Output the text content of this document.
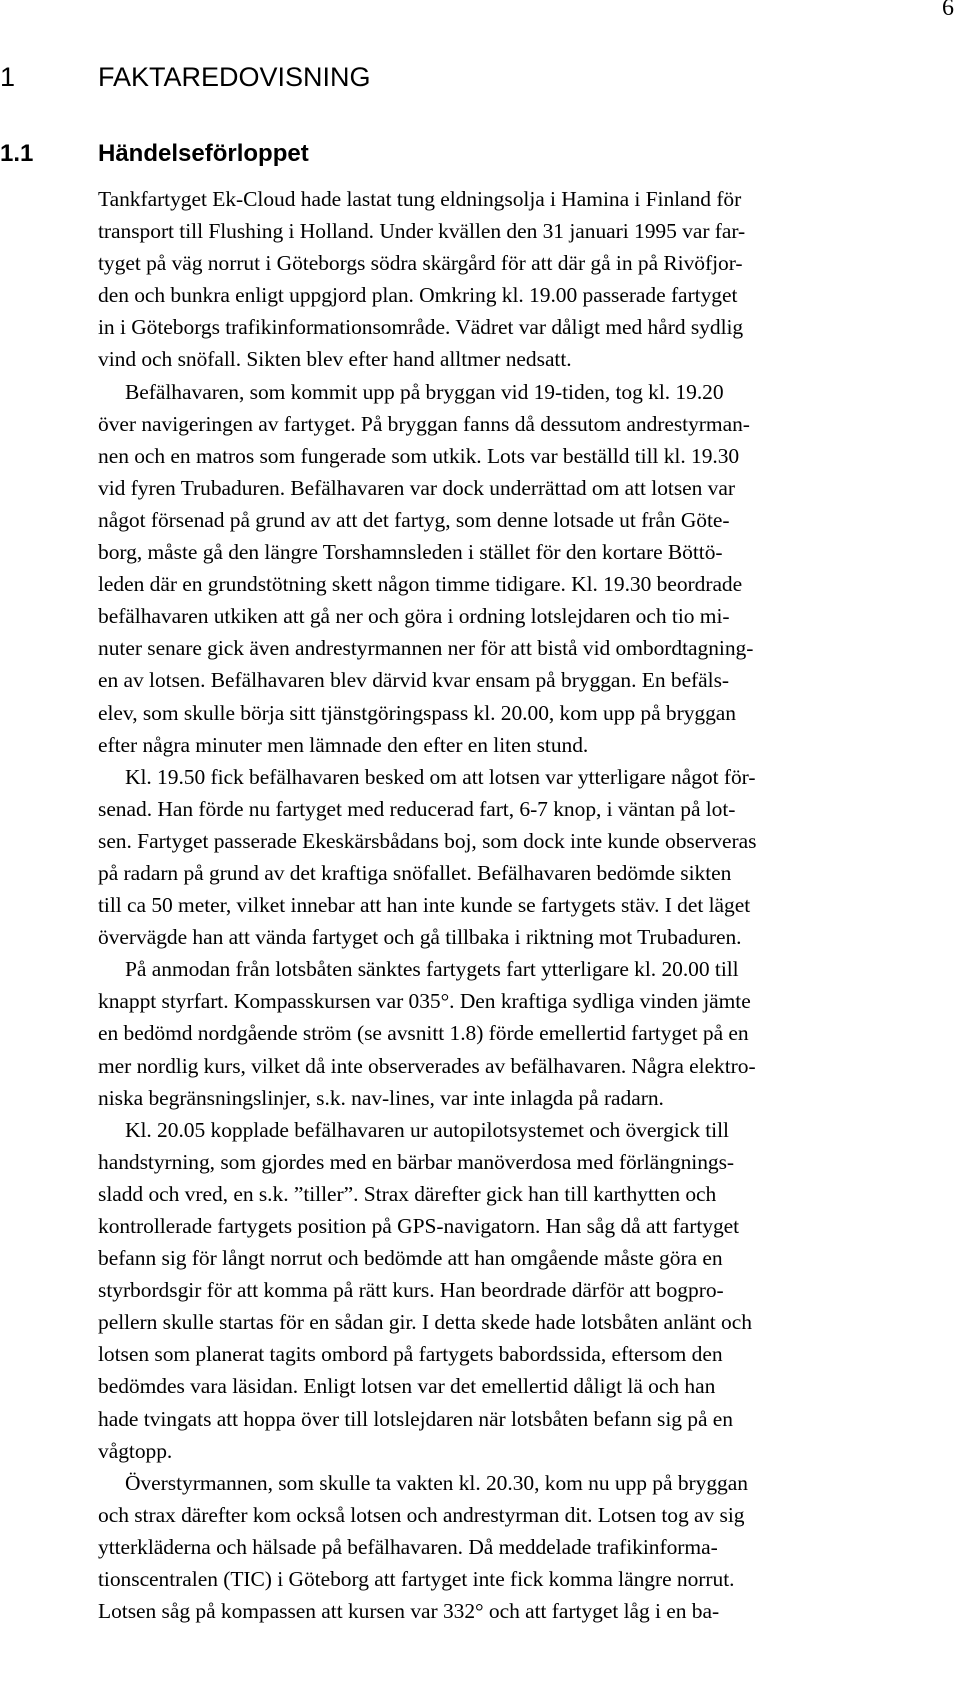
6
1	FAKTAREDOVISNING
1.1	Händelseförloppet
Tankfartyget Ek-Cloud hade lastat tung eldningsolja i Hamina i Finland för
transport till Flushing i Holland. Under kvällen den 31 januari 1995 var far-
tyget på väg norrut i Göteborgs södra skärgård för att där gå in på Rivöfjor-
den och bunkra enligt uppgjord plan. Omkring kl. 19.00 passerade fartyget
in i Göteborgs trafikinformationsområde. Vädret var dåligt med hård sydlig
vind och snöfall. Sikten blev efter hand alltmer nedsatt.
Befälhavaren, som kommit upp på bryggan vid 19-tiden, tog kl. 19.20
över navigeringen av fartyget. På bryggan fanns då dessutom andrestyrman-
nen och en matros som fungerade som utkik. Lots var beställd till kl. 19.30
vid fyren Trubaduren. Befälhavaren var dock underrättad om att lotsen var
något försenad på grund av att det fartyg, som denne lotsade ut från Göte-
borg, måste gå den längre Torshamnsleden i stället för den kortare Böttö-
leden där en grundstötning skett någon timme tidigare. Kl. 19.30 beordrade
befälhavaren utkiken att gå ner och göra i ordning lotslejdaren och tio mi-
nuter senare gick även andrestyrmannen ner för att bistå vid ombordtagning-
en av lotsen. Befälhavaren blev därvid kvar ensam på bryggan. En befäls-
elev, som skulle börja sitt tjänstgöringspass kl. 20.00, kom upp på bryggan
efter några minuter men lämnade den efter en liten stund.
Kl. 19.50 fick befälhavaren besked om att lotsen var ytterligare något för-
senad. Han förde nu fartyget med reducerad fart, 6-7 knop, i väntan på lot-
sen. Fartyget passerade Ekeskärsbådans boj, som dock inte kunde observeras
på radarn på grund av det kraftiga snöfallet. Befälhavaren bedömde sikten
till ca 50 meter, vilket innebar att han inte kunde se fartygets stäv. I det läget
övervägde han att vända fartyget och gå tillbaka i riktning mot Trubaduren.
På anmodan från lotsbåten sänktes fartygets fart ytterligare kl. 20.00 till
knappt styrfart. Kompasskursen var 035°. Den kraftiga sydliga vinden jämte
en bedömd nordgående ström (se avsnitt 1.8) förde emellertid fartyget på en
mer nordlig kurs, vilket då inte observerades av befälhavaren. Några elektro-
niska begränsningslinjer, s.k. nav-lines, var inte inlagda på radarn.
Kl. 20.05 kopplade befälhavaren ur autopilotsystemet och övergick till
handstyrning, som gjordes med en bärbar manöverdosa med förlängnings-
sladd och vred, en s.k. ”tiller”. Strax därefter gick han till karthytten och
kontrollerade fartygets position på GPS-navigatorn. Han såg då att fartyget
befann sig för långt norrut och bedömde att han omgående måste göra en
styrbordsgir för att komma på rätt kurs. Han beordrade därför att bogpro-
pellern skulle startas för en sådan gir. I detta skede hade lotsbåten anlänt och
lotsen som planerat tagits ombord på fartygets babordssida, eftersom den
bedömdes vara läsidan. Enligt lotsen var det emellertid dåligt lä och han
hade tvingats att hoppa över till lotslejdaren när lotsbåten befann sig på en
vågtopp.
Överstyrmannen, som skulle ta vakten kl. 20.30, kom nu upp på bryggan
och strax därefter kom också lotsen och andrestyrman dit. Lotsen tog av sig
ytterkläderna och hälsade på befälhavaren. Då meddelade trafikinforma-
tionscentralen (TIC) i Göteborg att fartyget inte fick komma längre norrut.
Lotsen såg på kompassen att kursen var 332° och att fartyget låg i en ba-
